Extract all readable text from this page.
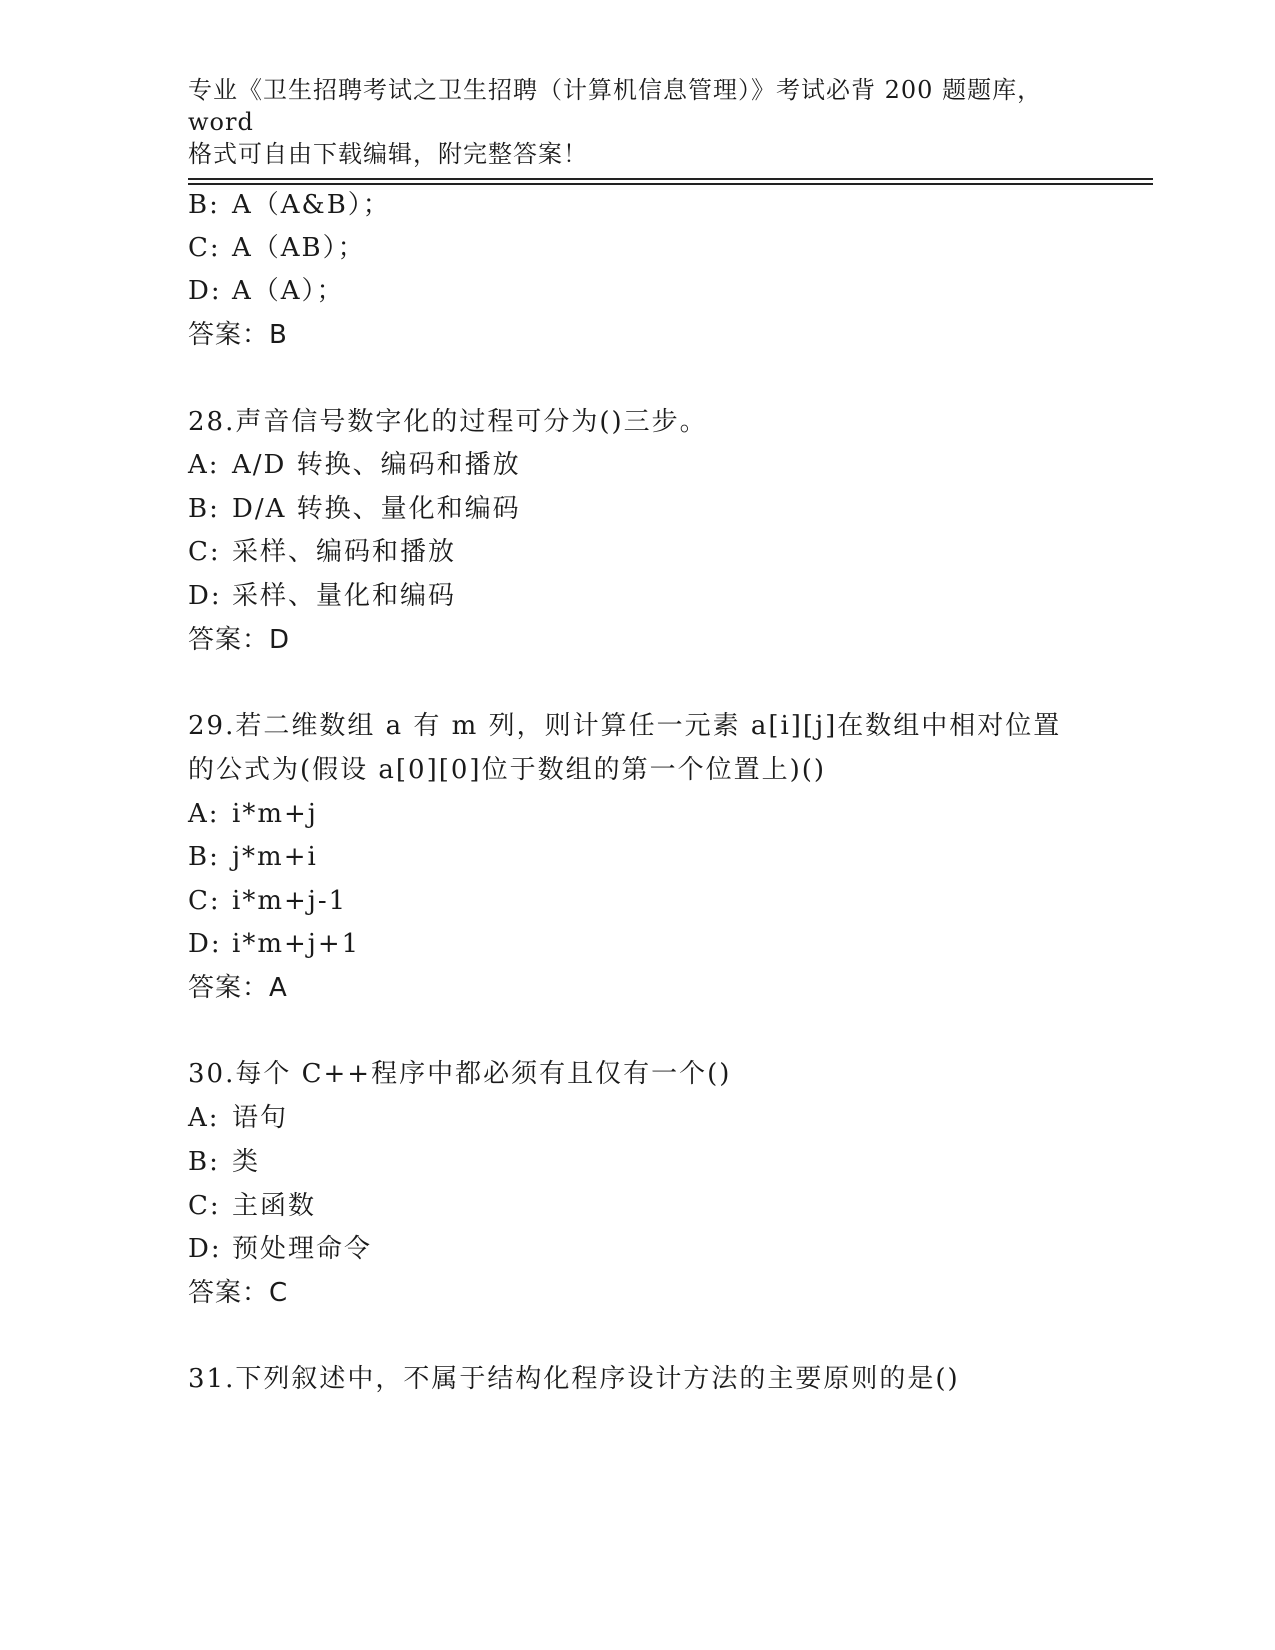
专业《卫生招聘考试之卫生招聘（计算机信息管理）》考试必背 200 题题库，word
格式可自由下载编辑，附完整答案！
B: A（A&B）；
C: A（AB）；
D: A（A）；
答案：B
28.声音信号数字化的过程可分为()三步。
A: A/D 转换、编码和播放
B: D/A 转换、量化和编码
C: 采样、编码和播放
D: 采样、量化和编码
答案：D
29.若二维数组 a 有 m 列，则计算任一元素 a[i][j]在数组中相对位置
的公式为(假设 a[0][0]位于数组的第一个位置上)()
A: i*m+j
B: j*m+i
C: i*m+j-1
D: i*m+j+1
答案：A
30.每个 C++程序中都必须有且仅有一个()
A: 语句
B: 类
C: 主函数
D: 预处理命令
答案：C
31.下列叙述中，不属于结构化程序设计方法的主要原则的是()
